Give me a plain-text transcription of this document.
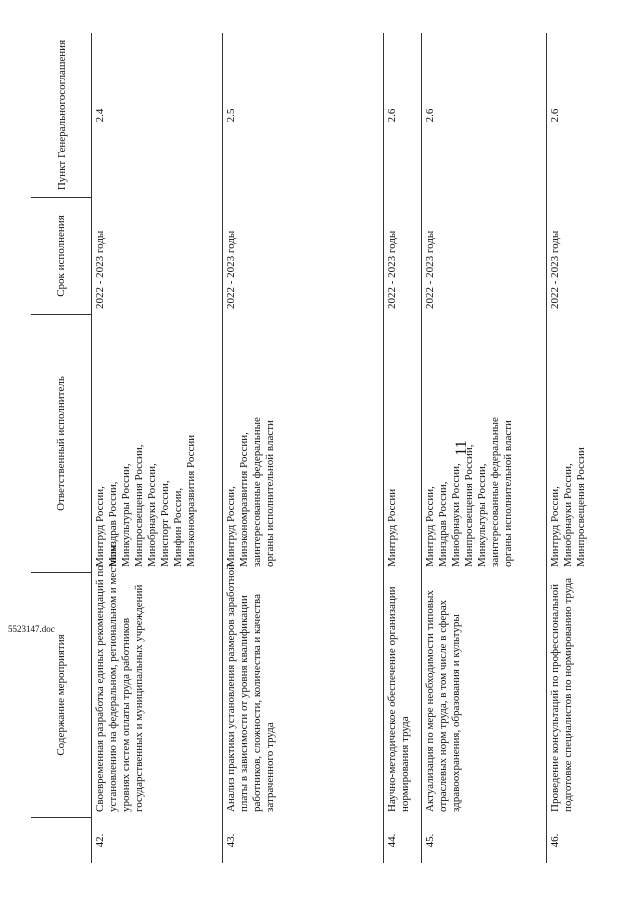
11
Содержание мероприятия
Ответственный исполнитель
Срок исполнения
Пункт Генерального
соглашения
42.
Своевременная разработка единых рекомендаций по установлению на федеральном, региональном и местном уровнях систем оплаты труда работников государственных и муниципальных учреждений
Минтруд России, Минздрав России, Минкультуры России, Минпросвещения России, Минобрнауки России, Минспорт России, Минфин России, Минэкономразвития России
2022 - 2023 годы
2.4
43.
Анализ практики установления размеров заработной платы в зависимости от уровня квалификации работников, сложности, количества и качества затраченного труда
Минтруд России, Минэкономразвития России, заинтересованные федеральные органы исполнительной власти
2022 - 2023 годы
2.5
44.
Научно-методическое обеспечение организации нормирования труда
Минтруд России
2022 - 2023 годы
2.6
45.
Актуализация по мере необходимости типовых отраслевых норм труда, в том числе в сферах здравоохранения, образования и культуры
Минтруд России, Минздрав России, Минобрнауки России, Минпросвещения России, Минкультуры России, заинтересованные федеральные органы исполнительной власти
2022 - 2023 годы
2.6
46.
Проведение консультаций по профессиональной подготовке специалистов по нормированию труда
Минтруд России, Минобрнауки России, Минпросвещения России
2022 - 2023 годы
2.6
5523147.doc
